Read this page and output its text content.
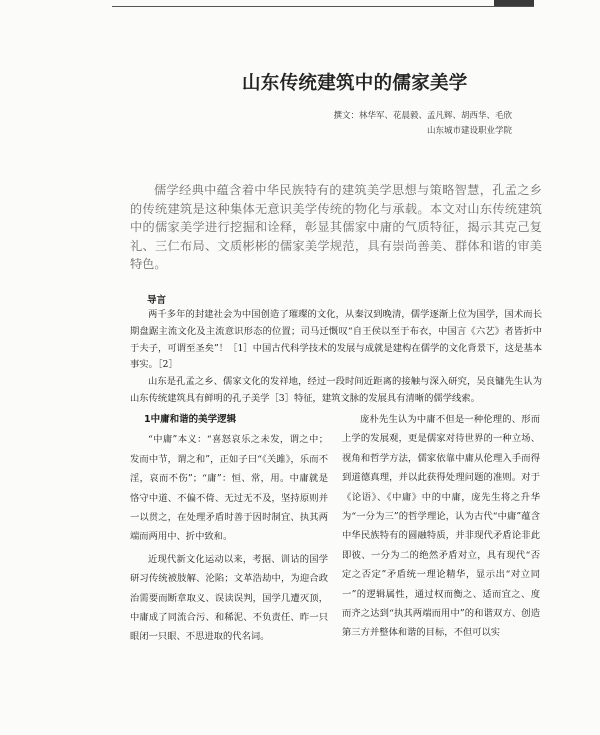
山东传统建筑中的儒家美学
撰文：林华军、花晨毅、孟凡辉、胡西华、毛欣
山东城市建设职业学院

儒学经典中蕴含着中华民族特有的建筑美学思想与策略智慧，孔孟之乡的传统建筑是这种集体无意识美学传统的物化与承载。本文对山东传统建筑中的儒家美学进行挖掘和诠释，彰显其儒家中庸的气质特征，揭示其克己复礼、三仁布局、文质彬彬的儒家美学规范，具有崇尚善美、群体和谐的审美特色。

导言

两千多年的封建社会为中国创造了璀璨的文化，从秦汉到晚清，儒学逐渐上位为国学，国术而长期盘踞主流文化及主流意识形态的位置；司马迁慨叹“自王侯以至于布衣，中国言《六艺》者皆折中于夫子，可谓至圣矣”！［1］中国古代科学技术的发展与成就是建构在儒学的文化背景下，这是基本事实。［2］

山东是孔孟之乡、儒家文化的发祥地，经过一段时间近距离的接触与深入研究，吴良镛先生认为山东传统建筑具有鲜明的孔子美学［3］特征，建筑文脉的发展具有清晰的儒学线索。

1中庸和谐的美学逻辑

“中庸”本义：“喜怒哀乐之未发，谓之中；发而中节，谓之和”，正如子曰“《关雎》，乐而不淫，哀而不伤”；“庸”：恒、常，用。中庸就是恪守中道、不偏不倚、无过无不及，坚持原则并一以贯之，在处理矛盾时善于因时制宜、执其两端而两用中、折中致和。

近现代新文化运动以来，考据、训诂的国学研习传统被肢解、沦陷；文革浩劫中，为迎合政治需要而断章取义、误读误判，国学几遭灭顶，中庸成了同流合污、和稀泥、不负责任、昨一只眼闭一只眼、不思进取的代名词。

庞朴先生认为中庸不但是一种伦理的、形而上学的发展观，更是儒家对待世界的一种立场、视角和哲学方法，儒家依靠中庸从伦理入手而得到道德真理，并以此获得处理问题的准则。对于《论语》、《中庸》中的中庸，庞先生将之升华为“一分为三”的哲学理论，认为古代“中庸”蕴含中华民族特有的圆融特质，并非现代矛盾论非此即彼、一分为二的绝然矛盾对立，具有现代“否定之否定”矛盾统一理论精华，显示出“对立同一”的逻辑属性，通过权而衡之、适而宜之、度而齐之达到“执其两端而用中”的和谐双方、创造第三方并整体和谐的目标，不但可以实
